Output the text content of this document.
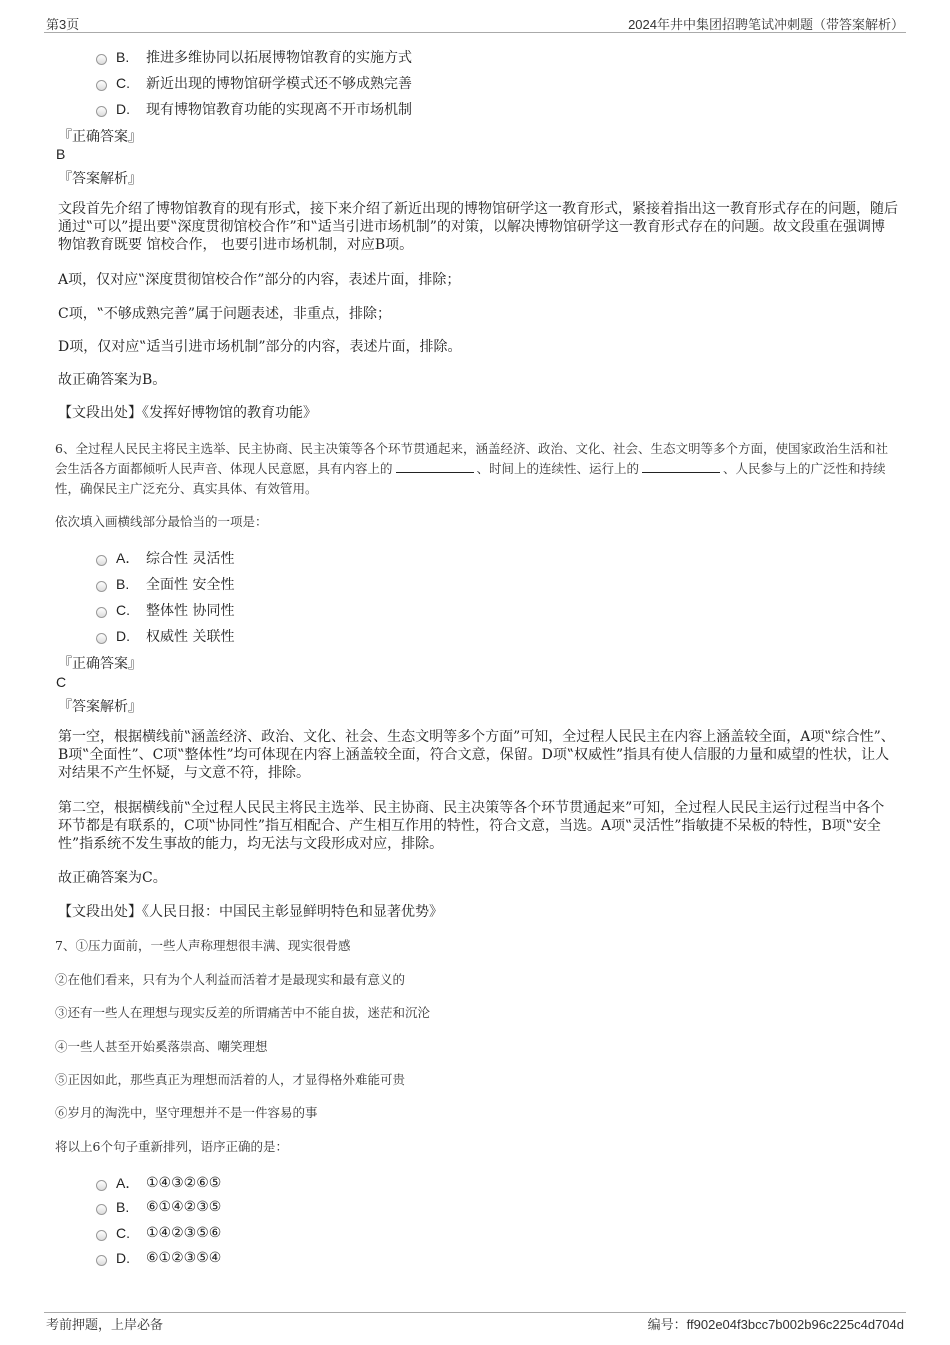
第3页	2024年井中集团招聘笔试冲刺题（带答案解析）
B.	推进多维协同以拓展博物馆教育的实施方式
C.	新近出现的博物馆研学模式还不够成熟完善
D.	现有博物馆教育功能的实现离不开市场机制
『正确答案』
B
『答案解析』
文段首先介绍了博物馆教育的现有形式，接下来介绍了新近出现的博物馆研学这一教育形式，紧接着指出这一教育形式存在的问题，随后通过‟可以”提出要‟深度贯彻馆校合作”和‟适当引进市场机制”的对策，以解决博物馆研学这一教育形式存在的问题。故文段重在强调博物馆教育既要 馆校合作， 也要引进市场机制，对应B项。
A项，仅对应‟深度贯彻馆校合作”部分的内容，表述片面，排除；
C项，‟不够成熟完善”属于问题表述，非重点，排除；
D项，仅对应‟适当引进市场机制”部分的内容，表述片面，排除。
故正确答案为B。
【文段出处】《发挥好博物馆的教育功能》
6、全过程人民民主将民主选举、民主协商、民主决策等各个环节贯通起来，涵盖经济、政治、文化、社会、生态文明等多个方面，使国家政治生活和社会生活各方面都倾听人民声音、体现人民意愿，具有内容上的	、时间上的连续性、运行上的	、人民参与上的广泛性和持续性，确保民主广泛充分、真实具体、有效管用。
依次填入画横线部分最恰当的一项是：
A． 综合性 灵活性
B.	全面性 安全性
C.	整体性 协同性
D.	权威性 关联性
『正确答案』
C
『答案解析』
第一空，根据横线前‟涵盖经济、政治、文化、社会、生态文明等多个方面”可知，全过程人民民主在内容上涵盖较全面，A项‟综合性”、B项‟全面性”、C项‟整体性”均可体现在内容上涵盖较全面，符合文意，保留。D项‟权威性”指具有使人信服的力量和威望的性状，让人对结果不产生怀疑，与文意不符，排除。
第二空，根据横线前‟全过程人民民主将民主选举、民主协商、民主决策等各个环节贯通起来”可知，全过程人民民主运行过程当中各个环节都是有联系的，C项‟协同性”指互相配合、产生相互作用的特性，符合文意，当选。A项‟灵活性”指敏捷不呆板的特性，B项‟安全性”指系统不发生事故的能力，均无法与文段形成对应，排除。
故正确答案为C。
【文段出处】《人民日报：中国民主彰显鲜明特色和显著优势》
7、①压力面前，一些人声称理想很丰满、现实很骨感
②在他们看来，只有为个人利益而活着才是最现实和最有意义的
③还有一些人在理想与现实反差的所谓痛苦中不能自拔，迷茫和沉沦
④一些人甚至开始奚落崇高、嘲笑理想
⑤正因如此，那些真正为理想而活着的人，才显得格外难能可贵
⑥岁月的淘洗中，坚守理想并不是一件容易的事
将以上6个句子重新排列，语序正确的是：
A． ①④③②⑥⑤
B.	⑥①④②③⑤
C.	①④②③⑤⑥
D.	⑥①②③⑤④
考前押题，上岸必备	编号：ff902e04f3bcc7b002b96c225c4d704d
